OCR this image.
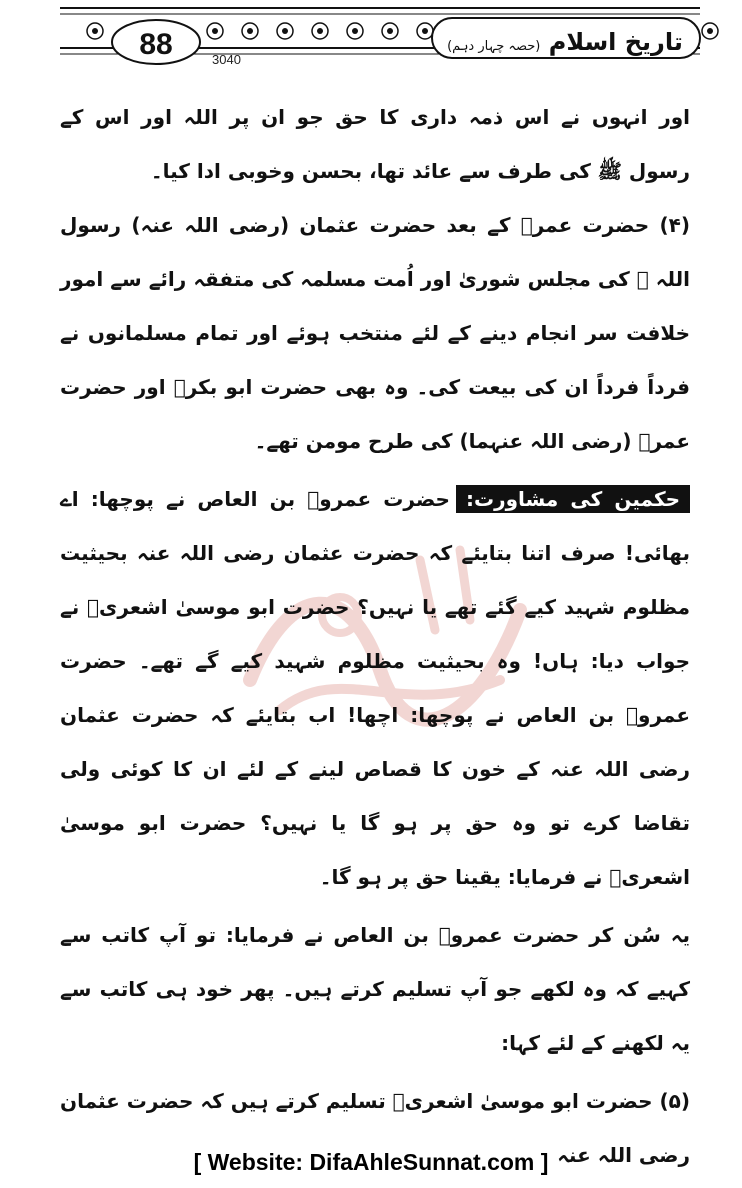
88	تاریخ اسلام (حصہ چہار دہم)
3040

اور انہوں نے اس ذمہ داری کا حق جو ان پر اللہ اور اس کے رسول ﷺ کی طرف سے عائد تھا، بحسن وخوبی ادا کیا۔

(۴) حضرت عمرؓ کے بعد حضرت عثمان (رضی اللہ عنہ) رسول اللہ ﷺ کی مجلس شوریٰ اور اُمت مسلمہ کی متفقہ رائے سے امور خلافت سر انجام دینے کے لئے منتخب ہوئے اور تمام مسلمانوں نے فرداً فرداً ان کی بیعت کی۔ وہ بھی حضرت ابو بکرؓ اور حضرت عمرؓ (رضی اللہ عنہما) کی طرح مومن تھے۔

حکمین کی مشاورت:حضرت عمروؓ بن العاص نے پوچھا: اے بھائی! صرف اتنا بتایئے کہ حضرت عثمان رضی اللہ عنہ بحیثیت مظلوم شہید کیے گئے تھے یا نہیں؟ حضرت ابو موسیٰ اشعریؓ نے جواب دیا: ہاں! وہ بحیثیت مظلوم شہید کیے گے تھے۔ حضرت عمروؓ بن العاص نے پوچھا: اچھا! اب بتایئے کہ حضرت عثمان رضی اللہ عنہ کے خون کا قصاص لینے کے لئے ان کا کوئی ولی تقاضا کرے تو وہ حق پر ہو گا یا نہیں؟ حضرت ابو موسیٰ اشعریؓ نے فرمایا: یقینا حق پر ہو گا۔

یہ سُن کر حضرت عمروؓ بن العاص نے فرمایا: تو آپ کاتب سے کہیے کہ وہ لکھے جو آپ تسلیم کرتے ہیں۔ پھر خود ہی کاتب سے یہ لکھنے کے لئے کہا:

(۵) حضرت ابو موسیٰ اشعریؓ تسلیم کرتے ہیں کہ حضرت عثمان رضی اللہ عنہ

[ Website: DifaAhleSunnat.com ]
